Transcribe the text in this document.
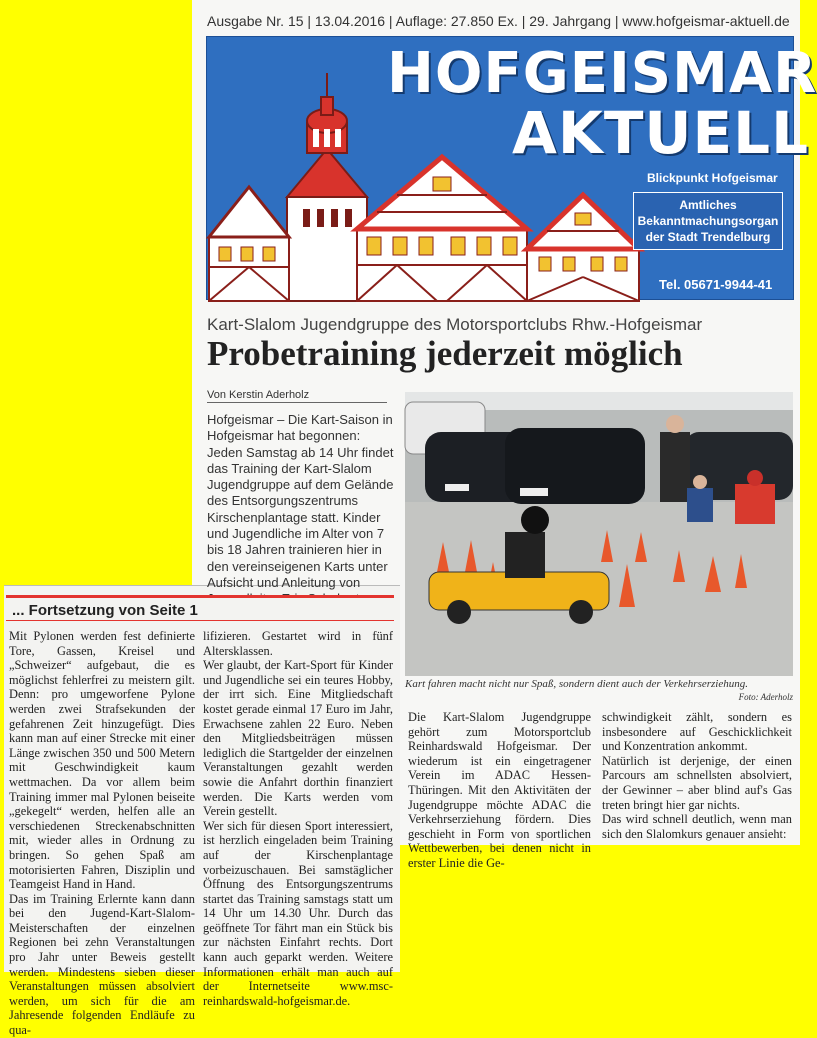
Ausgabe Nr. 15 | 13.04.2016 | Auflage: 27.850 Ex. | 29. Jahrgang | www.hofgeismar-aktuell.de
HOFGEISMAR
AKTUELL
Blickpunkt Hofgeismar
Amtliches
Bekanntmachungsorgan
der Stadt Trendelburg
Tel. 05671-9944-41
Kart-Slalom Jugendgruppe des Motorsportclubs Rhw.-Hofgeismar
Probetraining jederzeit möglich
Von Kerstin Aderholz
Hofgeismar – Die Kart-Saison in Hofgeismar hat begonnen: Jeden Samstag ab 14 Uhr findet das Training der Kart-Slalom Jugendgruppe auf dem Gelände des Entsorgungszentrums Kirschenplantage statt. Kinder und Jugendliche im Alter von 7 bis 18 Jahren trainieren hier in den vereinseigenen Karts unter Aufsicht und Anleitung von
Kart fahren macht nicht nur Spaß, sondern dient auch der Verkehrserziehung.
Foto: Aderholz

Die Kart-Slalom Jugendgruppe gehört zum Motorsportclub Reinhardswald Hofgeismar. Der wiederum ist ein eingetragener Verein im ADAC Hessen-Thüringen. Mit den Aktivitäten der Jugendgruppe möchte ADAC die Verkehrserziehung fördern. Dies geschieht in Form von sportlichen Wettbewerben, bei denen nicht in erster Linie die Ge-

schwindigkeit zählt, sondern es insbesondere auf Geschicklichkeit und Konzentration ankommt.

Natürlich ist derjenige, der einen Parcours am schnellsten absolviert, der Gewinner – aber blind auf's Gas treten bringt hier gar nichts.

Das wird schnell deutlich, wenn man sich den Slalomkurs genauer ansieht:

... Fortsetzung von Seite 1

Mit Pylonen werden fest definierte Tore, Gassen, Kreisel und „Schweizer“ aufgebaut, die es möglichst fehlerfrei zu meistern gilt. Denn: pro umgeworfene Pylone werden zwei Strafsekunden der gefahrenen Zeit hinzugefügt. Dies kann man auf einer Strecke mit einer Länge zwischen 350 und 500 Metern mit Geschwindigkeit kaum wettmachen. Da vor allem beim Training immer mal Pylonen beiseite „gekegelt“ werden, helfen alle an verschiedenen Streckenabschnitten mit, wieder alles in Ordnung zu bringen. So gehen Spaß am motorisierten Fahren, Disziplin und Teamgeist Hand in Hand.

Das im Training Erlernte kann dann bei den Jugend-Kart-Slalom-Meisterschaften der einzelnen Regionen bei zehn Veranstaltungen pro Jahr unter Beweis gestellt werden. Mindestens sieben dieser Veranstaltungen müssen absolviert werden, um sich für die am Jahresende folgenden Endläufe zu qua-

lifizieren. Gestartet wird in fünf Altersklassen.

Wer glaubt, der Kart-Sport für Kinder und Jugendliche sei ein teures Hobby, der irrt sich. Eine Mitgliedschaft kostet gerade einmal 17 Euro im Jahr, Erwachsene zahlen 22 Euro. Neben den Mitgliedsbeiträgen müssen lediglich die Startgelder der einzelnen Veranstaltungen gezahlt werden sowie die Anfahrt dorthin finanziert werden. Die Karts werden vom Verein gestellt.

Wer sich für diesen Sport interessiert, ist herzlich eingeladen beim Training auf der Kirschenplantage vorbeizuschauen. Bei samstäglicher Öffnung des Entsorgungszentrums startet das Training samstags statt um 14 Uhr um 14.30 Uhr. Durch das geöffnete Tor fährt man ein Stück bis zur nächsten Einfahrt rechts. Dort kann auch geparkt werden. Weitere Informationen erhält man auch auf der Internetseite www.msc-reinhardswald-hofgeismar.de.
